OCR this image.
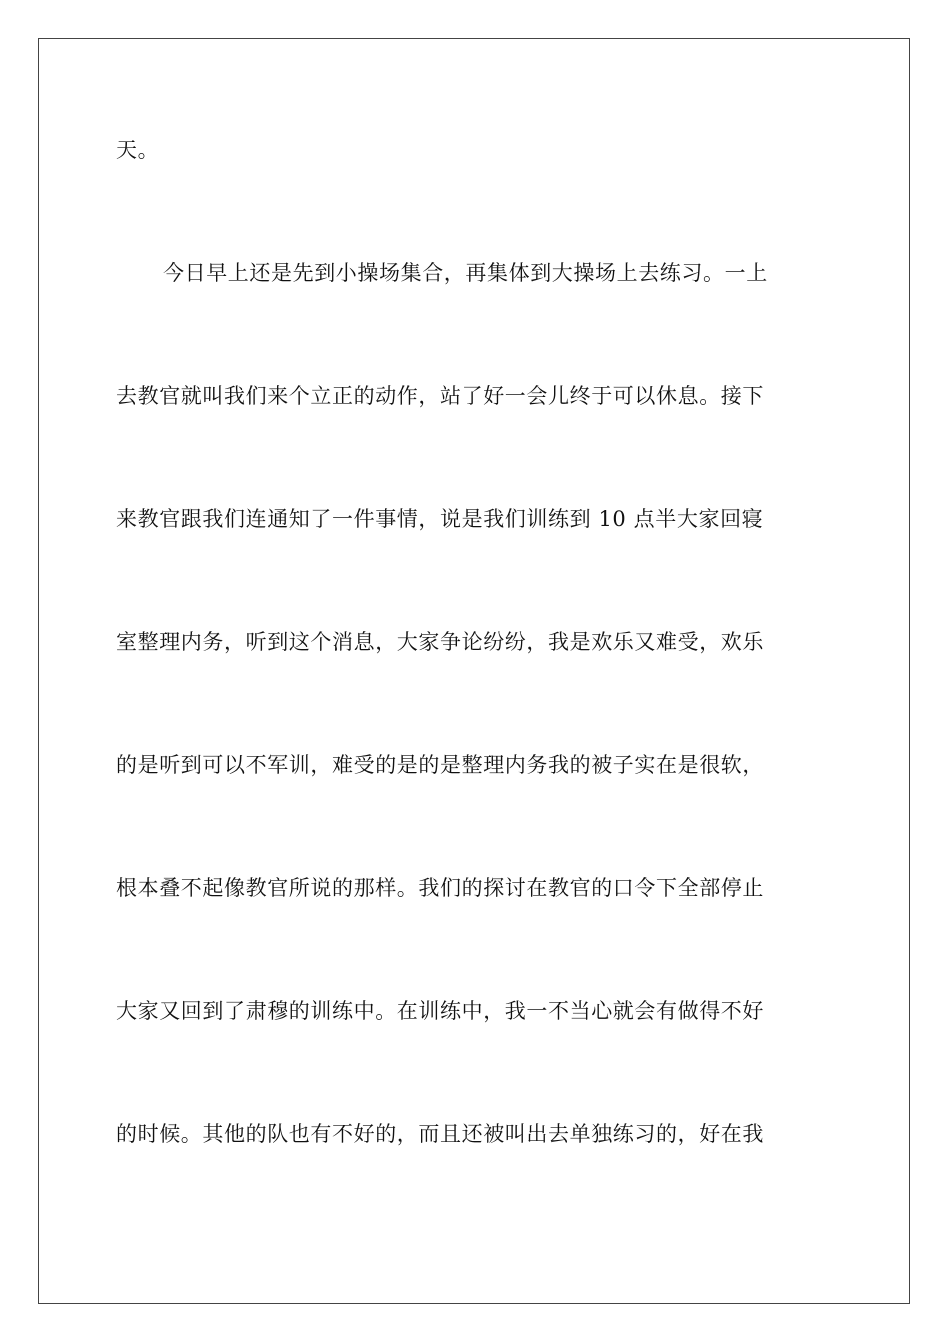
天。
今日早上还是先到小操场集合，再集体到大操场上去练习。一上
去教官就叫我们来个立正的动作，站了好一会儿终于可以休息。接下
来教官跟我们连通知了一件事情，说是我们训练到 10 点半大家回寝
室整理内务，听到这个消息，大家争论纷纷，我是欢乐又难受，欢乐
的是听到可以不军训，难受的是的是整理内务我的被子实在是很软，
根本叠不起像教官所说的那样。我们的探讨在教官的口令下全部停止
大家又回到了肃穆的训练中。在训练中，我一不当心就会有做得不好
的时候。其他的队也有不好的，而且还被叫出去单独练习的，好在我
